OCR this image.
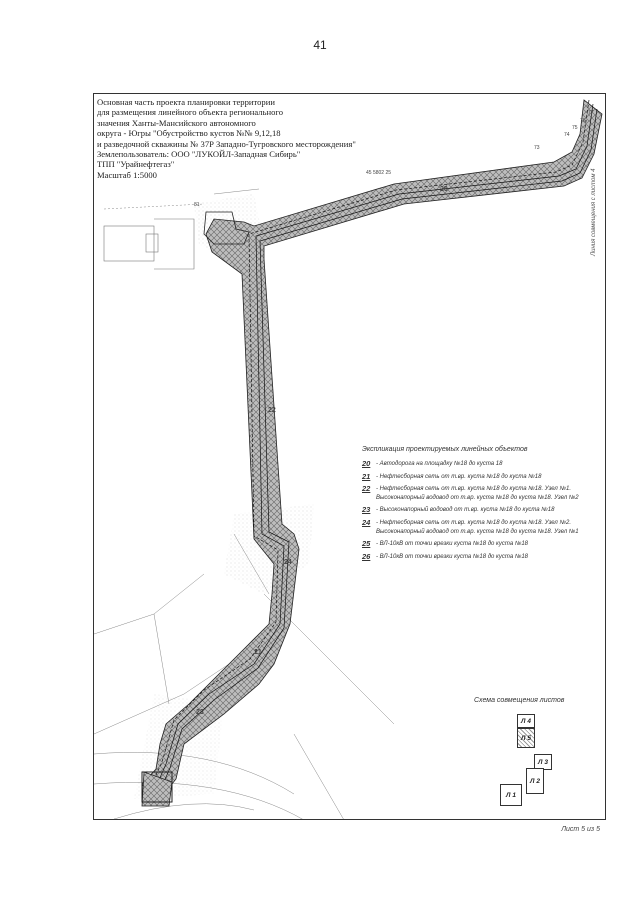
41
81
73
74
75
76
77
45 5802 25
20
22
24
21
23
Основная часть проекта планировки территории
для размещения линейного объекта регионального
значения Ханты-Мансийского автономного
округа - Югры "Обустройство кустов №№ 9,12,18
и разведочной скважины № 37Р Западно-Тугровского месторождения"
Землепользователь: ООО "ЛУКОЙЛ-Западная Сибирь"
ТПП "Урайнефтегаз"
Масштаб 1:5000	Линия совмещения с листом 4
Экспликация проектируемых линейных объектов
20 - Автодорога на площадку №18 до куста 18
21 - Нефтесборная сеть от т.вр. куста №18 до куста №18
22 - Нефтесборная сеть от т.вр. куста №18 до куста №18. Узел №1. Высоконапорный водовод от т.вр. куста №18 до куста №18. Узел №2
23 - Высоконапорный водовод от т.вр. куста №18 до куста №18
24 - Нефтесборная сеть от т.вр. куста №18 до куста №18. Узел №2. Высоконапорный водовод от т.вр. куста №18 до куста №18. Узел №1
25 - ВЛ-10кВ от точки врезки куста №18 до куста №18
26 - ВЛ-10кВ от точки врезки куста №18 до куста №18
Схема совмещения листов
Л 4
Л 5
Л 3
Л 2
Л 1
Лист 5 из 5
